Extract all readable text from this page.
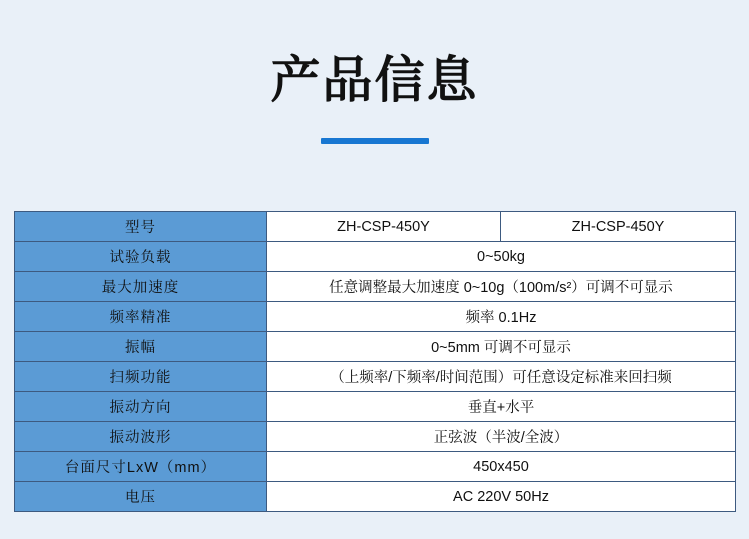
产品信息
型号	ZH-CSP-450Y	ZH-CSP-450Y
试验负载	0~50kg	
最大加速度	任意调整最大加速度 0~10g（100m/s²）可调不可显示	
频率精准	频率 0.1Hz	
振幅	0~5mm 可调不可显示	
扫频功能	（上频率/下频率/时间范围）可任意设定标准来回扫频	
振动方向	垂直+水平	
振动波形	正弦波（半波/全波）	
台面尺寸LxW（mm）	450x450	
电压	AC 220V 50Hz	
